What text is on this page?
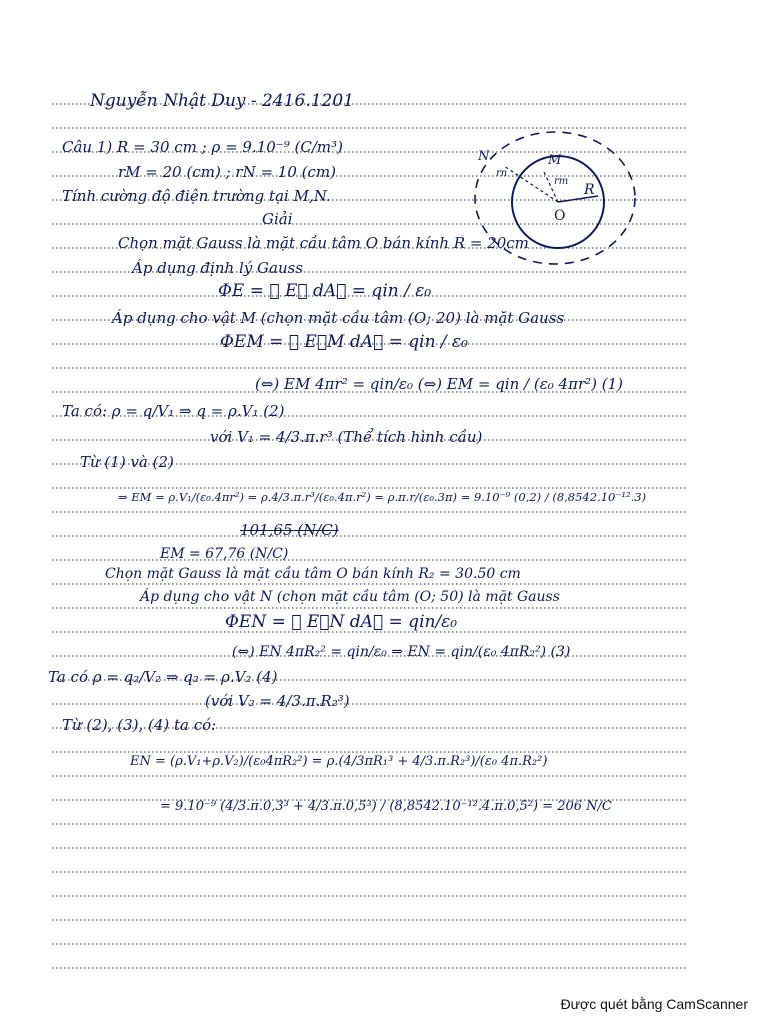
Nguyễn Nhật Duy - 2416.1201
Câu 1) R = 30 cm ; ρ = 9.10⁻⁹ (C/m³)
rM = 20 (cm) ; rN = 10 (cm)
Tính cường độ điện trường tại M,N.
Giải
N
rn
M
rm
R
O
Chọn mặt Gauss là mặt cầu tâm O bán kính R = 20cm
Áp dụng định lý Gauss
ΦE = ∮ E⃗ dA⃗ = qin / ε₀
Áp dụng cho vật M (chọn mặt cầu tâm (O; 20) là mặt Gauss
ΦEM = ∮ E⃗M dA⃗ = qin / ε₀
(⇔) EM 4πr² = qin/ε₀ (⇔) EM = qin / (ε₀ 4πr²) (1)
Ta có: ρ = q/V₁ ⇒ q = ρ.V₁ (2)
với V₁ = 4/3.π.r³ (Thể tích hình cầu)
Từ (1) và (2)
⇒ EM = ρ.V₁/(ε₀.4πr²) = ρ.4/3.π.r³/(ε₀.4π.r²) = ρ.π.r/(ε₀.3π) = 9.10⁻⁹ (0,2) / (8,8542.10⁻¹².3)
101,65 (N/C)
EM = 67,76 (N/C)
Chọn mặt Gauss là mặt cầu tâm O bán kính R₂ = 30.50 cm
Áp dụng cho vật N (chọn mặt cầu tâm (O; 50) là mặt Gauss
ΦEN = ∮ E⃗N dA⃗ = qin/ε₀
(⇔) EN 4πR₂² = qin/ε₀ ⇒ EN = qin/(ε₀ 4πR₂²) (3)
Ta có ρ = q₂/V₂ ⇒ q₂ = ρ.V₂ (4)
(với V₂ = 4/3.π.R₂³)
Từ (2), (3), (4) ta có:
EN = (ρ.V₁+ρ.V₂)/(ε₀4πR₂²) = ρ.(4/3πR₁³ + 4/3.π.R₂³)/(ε₀ 4π.R₂²)
= 9.10⁻⁹ (4/3.π.0,3³ + 4/3.π.0,5³) / (8,8542.10⁻¹².4.π.0,5²) = 206 N/C
Được quét bằng CamScanner
